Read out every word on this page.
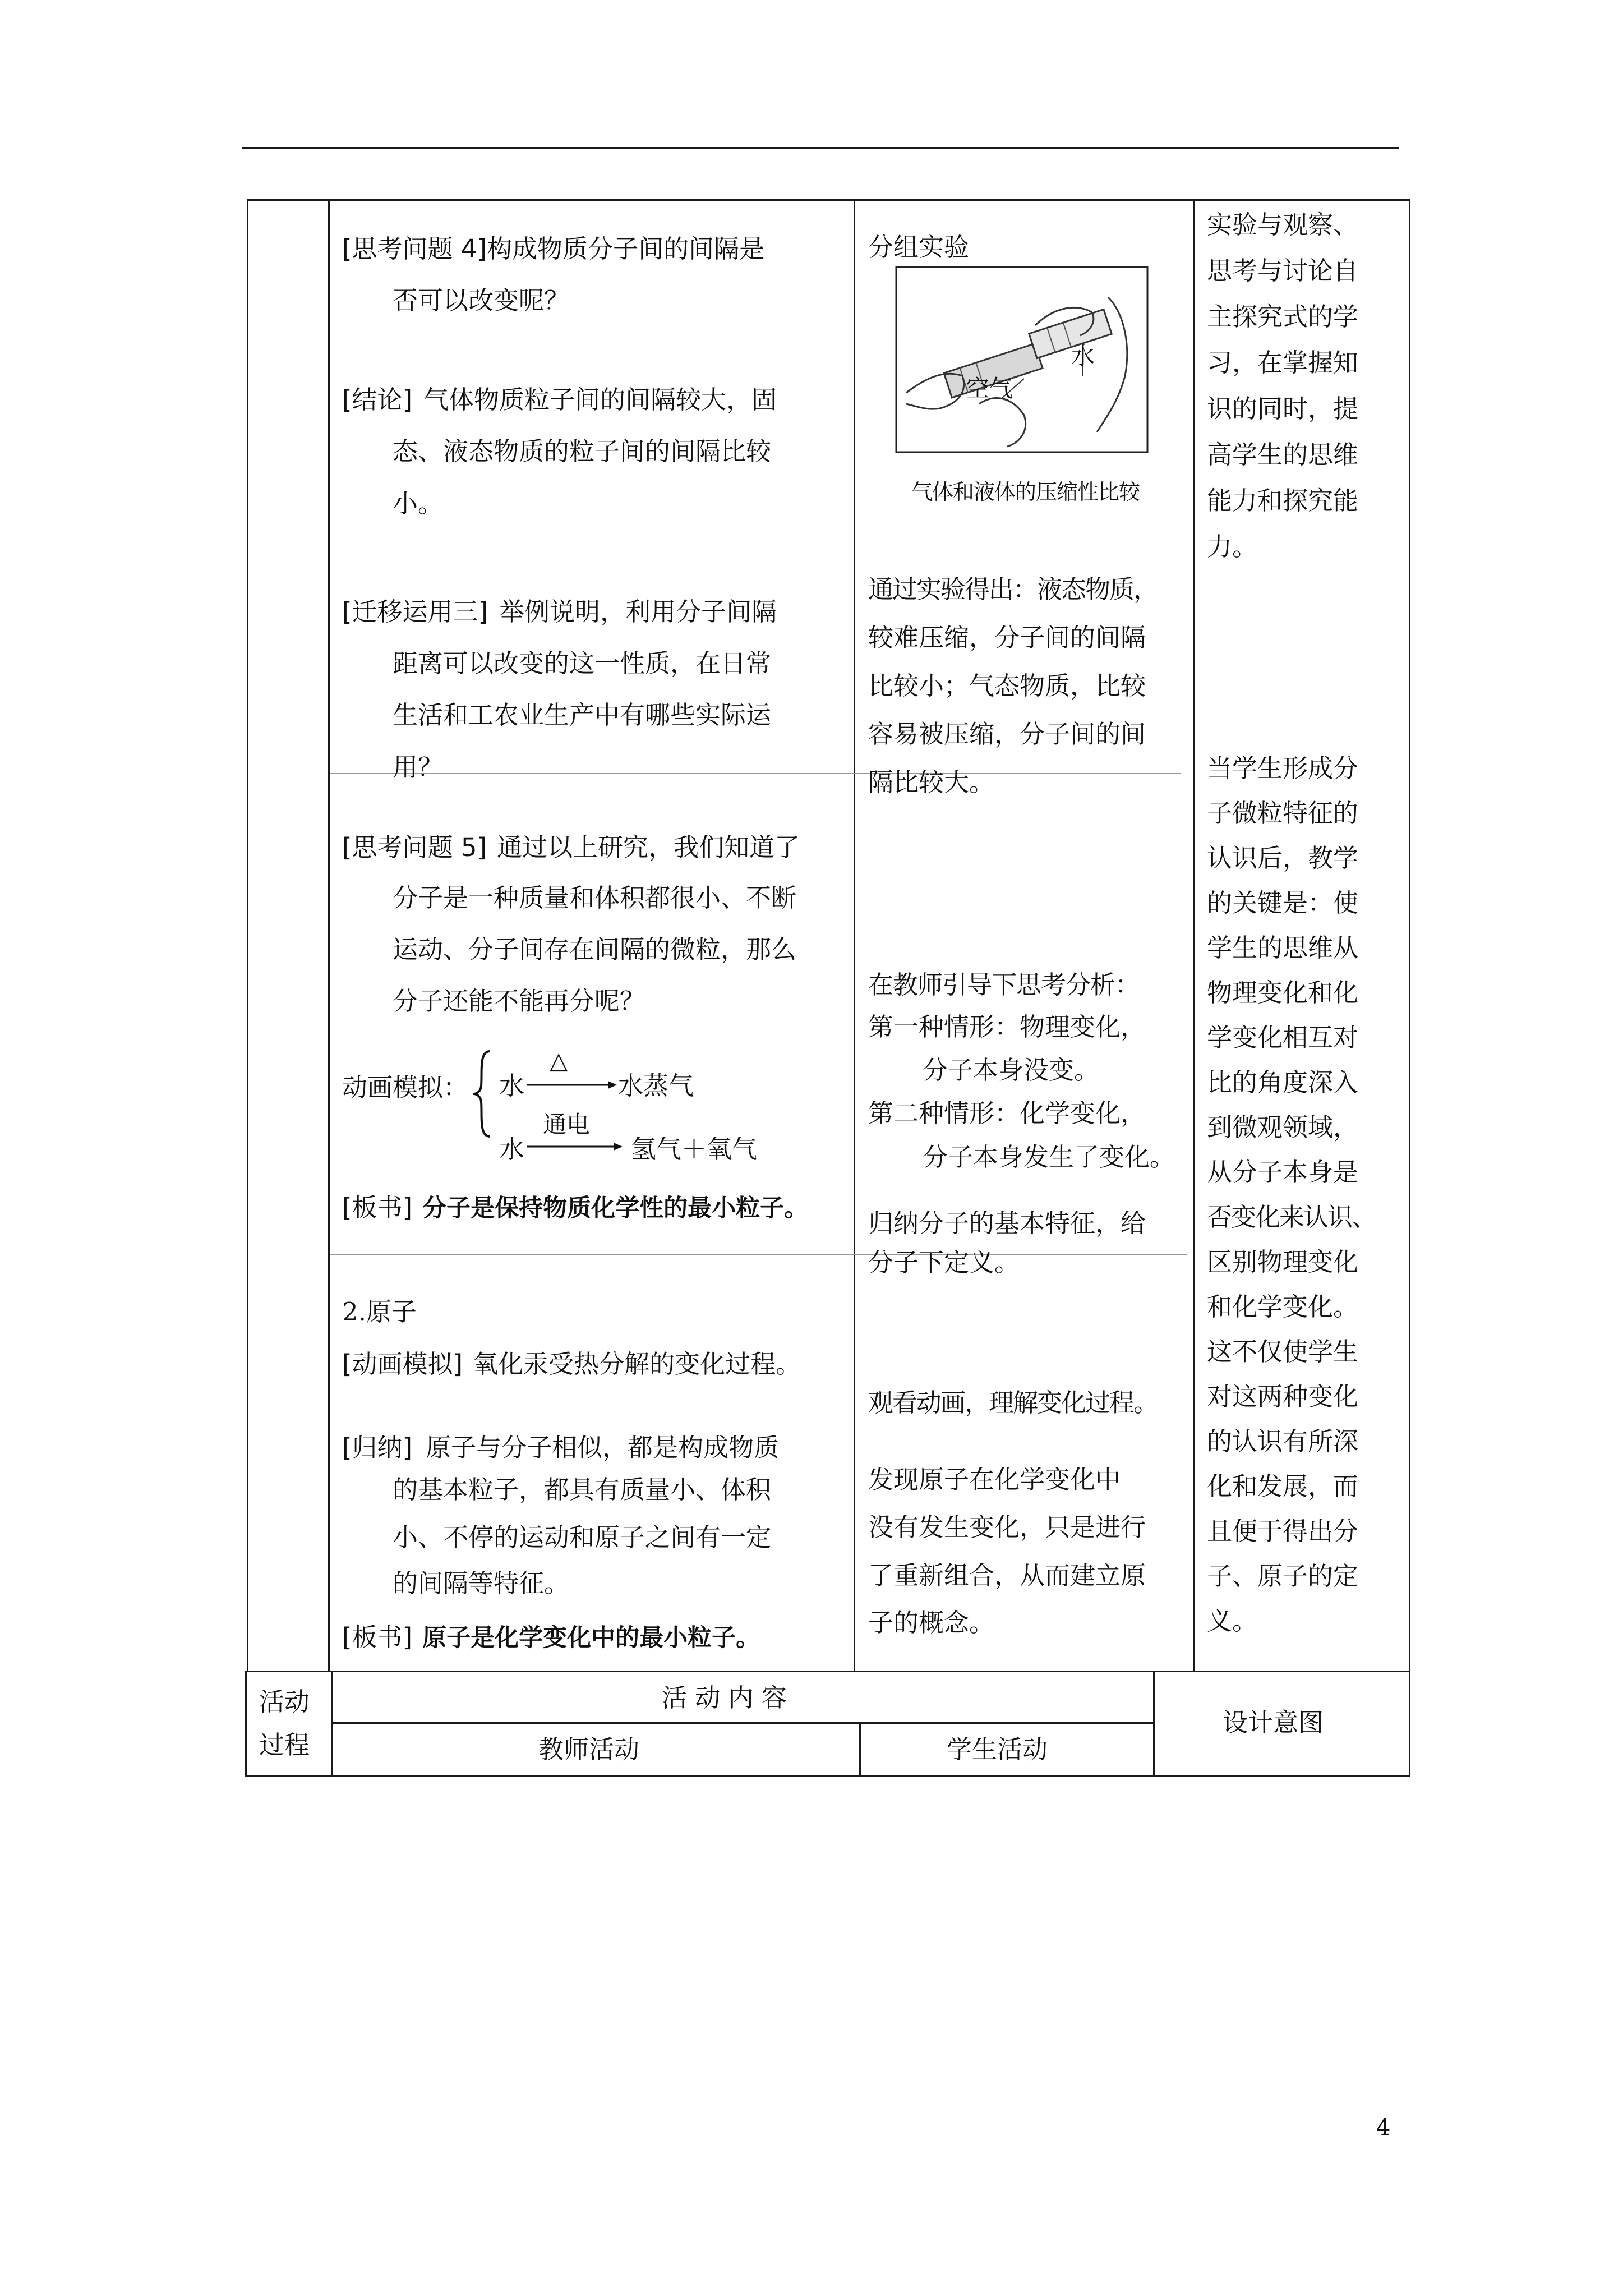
[思考问题 4]构成物质分子间的间隔是
否可以改变呢？
[结论] 气体物质粒子间的间隔较大，固
态、液态物质的粒子间的间隔比较
小。
[迁移运用三] 举例说明，利用分子间隔
距离可以改变的这一性质，在日常
生活和工农业生产中有哪些实际运
用？
[思考问题 5] 通过以上研究，我们知道了
分子是一种质量和体积都很小、不断
运动、分子间存在间隔的微粒，那么
分子还能不能再分呢？
动画模拟： 水
△
水蒸气
水
通电
氢气＋氧气
[板书] 分子是保持物质化学性的最小粒子。
2.原子
[动画模拟] 氧化汞受热分解的变化过程。
[归纳] 原子与分子相似，都是构成物质
的基本粒子，都具有质量小、体积
小、不停的运动和原子之间有一定
的间隔等特征。
[板书] 原子是化学变化中的最小粒子。
分组实验
水
空气
气体和液体的压缩性比较
通过实验得出：液态物质，
较难压缩，分子间的间隔
比较小；气态物质，比较
容易被压缩，分子间的间
隔比较大。
在教师引导下思考分析：
第一种情形：物理变化，
分子本身没变。
第二种情形：化学变化，
分子本身发生了变化。
归纳分子的基本特征，给
分子下定义。
观看动画，理解变化过程。
发现原子在化学变化中
没有发生变化，只是进行
了重新组合，从而建立原
子的概念。
实验与观察、
思考与讨论自
主探究式的学
习，在掌握知
识的同时，提
高学生的思维
能力和探究能
力。
当学生形成分
子微粒特征的
认识后，教学
的关键是：使
学生的思维从
物理变化和化
学变化相互对
比的角度深入
到微观领域，
从分子本身是
否变化来认识、
区别物理变化
和化学变化。
这不仅使学生
对这两种变化
的认识有所深
化和发展，而
且便于得出分
子、原子的定
义。
活动
过程
活 动 内 容
教师活动	学生活动
设计意图
4
